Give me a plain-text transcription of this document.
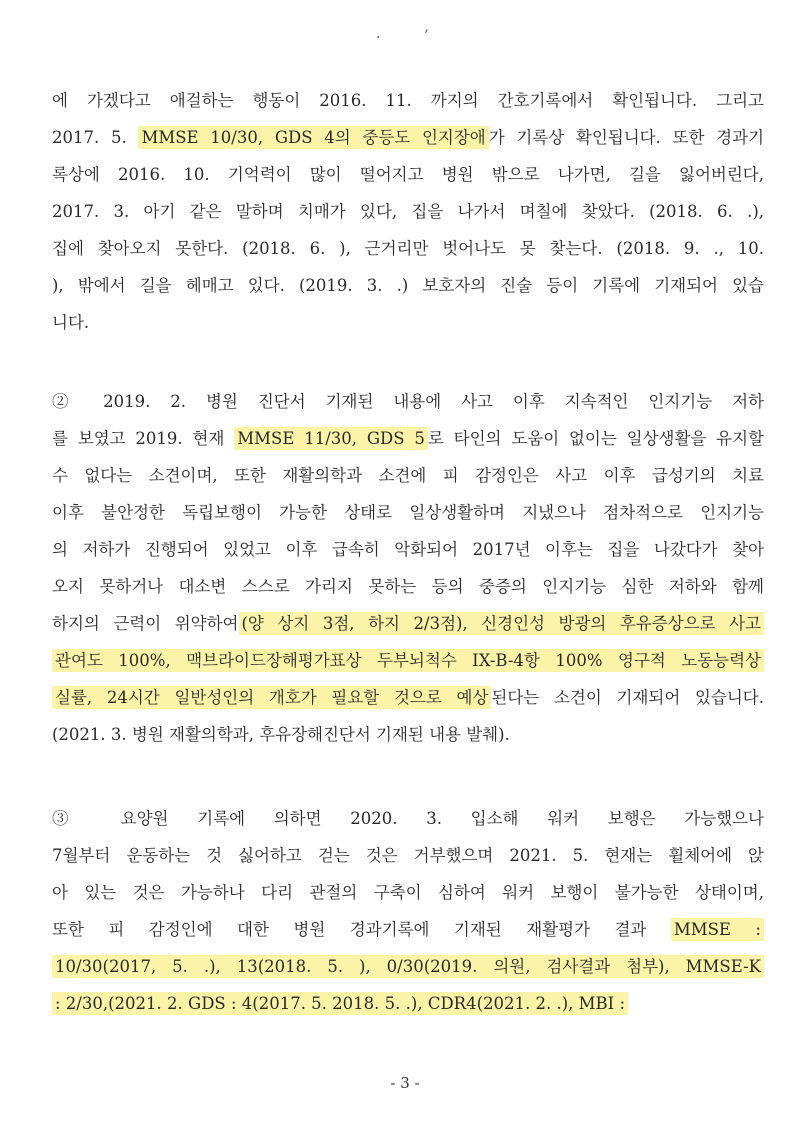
·	’
에 가겠다고 애걸하는 행동이 2016. 11. 까지의 간호기록에서 확인됩니다. 그리고
2017. 5. MMSE 10/30, GDS 4의 중등도 인지장애 가 기록상 확인됩니다. 또한 경과기
록상에 2016. 10. 기억력이 많이 떨어지고 병원 밖으로 나가면, 길을 잃어버린다,
2017. 3. 아기 같은 말하며 치매가 있다, 집을 나가서 며칠에 찾았다. (2018. 6. .),
집에 찾아오지 못한다. (2018. 6. ), 근거리만 벗어나도 못 찾는다. (2018. 9. ., 10.
), 밖에서 길을 헤매고 있다. (2019. 3. .) 보호자의 진술 등이 기록에 기재되어 있습
니다.
② 2019. 2. 병원 진단서 기재된 내용에 사고 이후 지속적인 인지기능 저하
를 보였고 2019. 현재 MMSE 11/30, GDS 5 로 타인의 도움이 없이는 일상생활을 유지할
수 없다는 소견이며, 또한 재활의학과 소견에 피 감정인은 사고 이후 급성기의 치료
이후 불안정한 독립보행이 가능한 상태로 일상생활하며 지냈으나 점차적으로 인지기능
의 저하가 진행되어 있었고 이후 급속히 악화되어 2017년 이후는 집을 나갔다가 찾아
오지 못하거나 대소변 스스로 가리지 못하는 등의 중증의 인지기능 심한 저하와 함께
하지의 근력이 위약하여 (양 상지 3점, 하지 2/3점), 신경인성 방광의 후유증상으로 사고
관여도 100%, 맥브라이드장해평가표상 두부뇌척수 IX-B-4항 100% 영구적 노동능력상
실률, 24시간 일반성인의 개호가 필요할 것으로 예상 된다는 소견이 기재되어 있습니다.
(2021. 3. 병원 재활의학과, 후유장해진단서 기재된 내용 발췌).
③ 요양원 기록에 의하면 2020. 3. 입소해 워커 보행은 가능했으나
7월부터 운동하는 것 싫어하고 걷는 것은 거부했으며 2021. 5. 현재는 휠체어에 앉
아 있는 것은 가능하나 다리 관절의 구축이 심하여 워커 보행이 불가능한 상태이며,
또한 피 감정인에 대한 병원 경과기록에 기재된 재활평가 결과 MMSE :
10/30(2017, 5. .), 13(2018. 5. ), 0/30(2019. 의원, 검사결과 첨부), MMSE-K
: 2/30,(2021. 2. GDS : 4(2017. 5. 2018. 5. .), CDR4(2021. 2. .), MBI :
- 3 -
